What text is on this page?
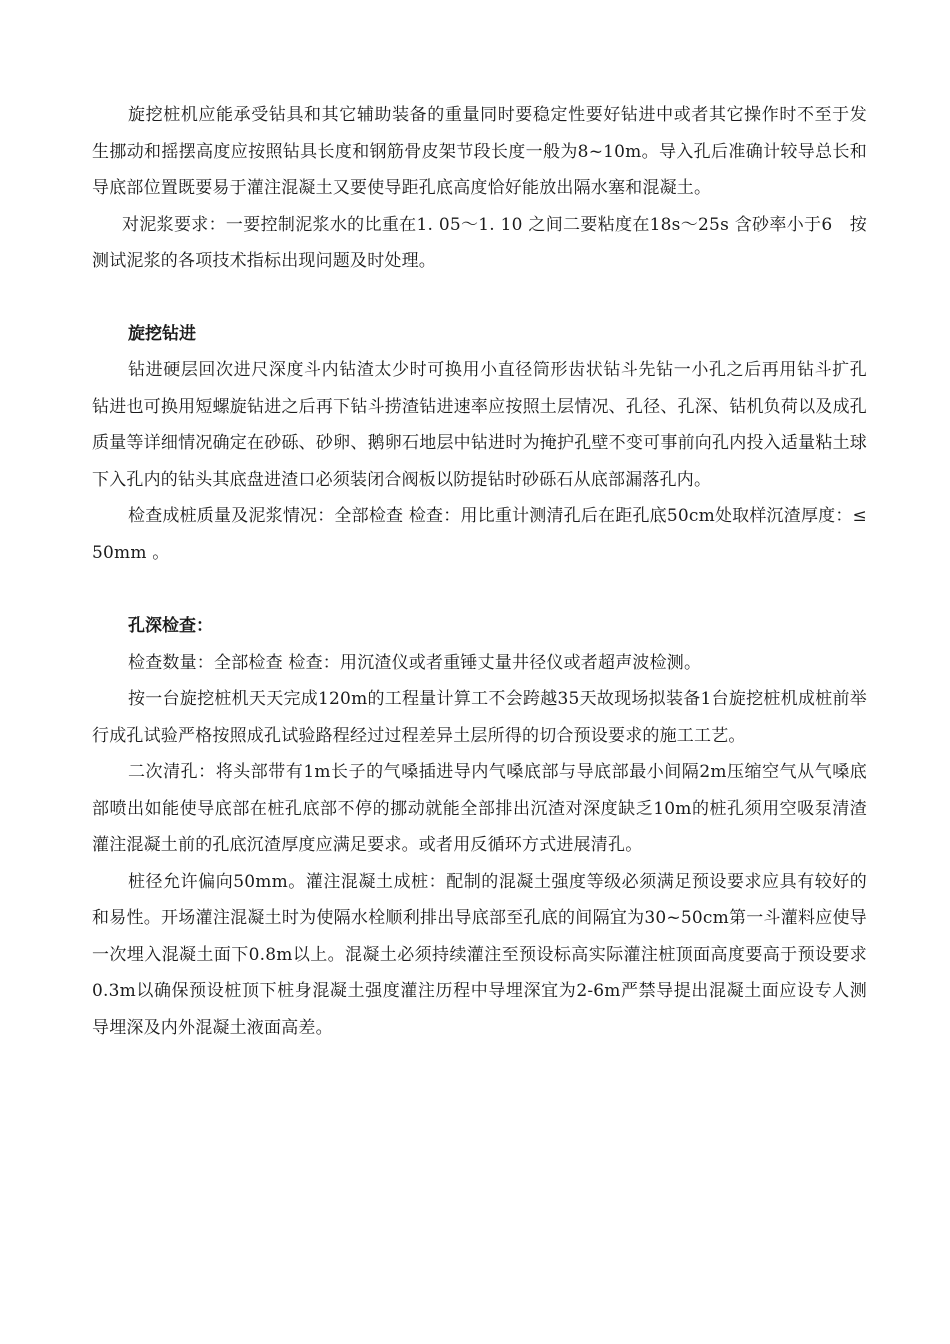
旋挖桩机应能承受钻具和其它辅助装备的重量同时要稳定性要好钻进中或者其它操作时不至于发生挪动和摇摆高度应按照钻具长度和钢筋骨皮架节段长度一般为8~10m。导入孔后准确计较导总长和导底部位置既要易于灌注混凝土又要使导距孔底高度恰好能放出隔水塞和混凝土。

对泥浆要求：一要控制泥浆水的比重在1. 05～1. 10 之间二要粘度在18s～25s 含砂率小于6　按测试泥浆的各项技术指标出现问题及时处理。

旋挖钻进

钻进硬层回次进尺深度斗内钻渣太少时可换用小直径筒形齿状钻斗先钻一小孔之后再用钻斗扩孔钻进也可换用短螺旋钻进之后再下钻斗捞渣钻进速率应按照土层情况、孔径、孔深、钻机负荷以及成孔质量等详细情况确定在砂砾、砂卵、鹅卵石地层中钻进时为掩护孔壁不变可事前向孔内投入适量粘土球下入孔内的钻头其底盘进渣口必须装闭合阀板以防提钻时砂砾石从底部漏落孔内。

检查成桩质量及泥浆情况：全部检查 检查：用比重计测清孔后在距孔底50cm处取样沉渣厚度：≤50mm 。

孔深检查：

检查数量：全部检查 检查：用沉渣仪或者重锤丈量井径仪或者超声波检测。

按一台旋挖桩机天天完成120m的工程量计算工不会跨越35天故现场拟装备1台旋挖桩机成桩前举行成孔试验严格按照成孔试验路程经过过程差异土层所得的切合预设要求的施工工艺。

二次清孔：将头部带有1m长子的气嗓插进导内气嗓底部与导底部最小间隔2m压缩空气从气嗓底部喷出如能使导底部在桩孔底部不停的挪动就能全部排出沉渣对深度缺乏10m的桩孔须用空吸泵清渣灌注混凝土前的孔底沉渣厚度应满足要求。或者用反循环方式进展清孔。

桩径允许偏向50mm。灌注混凝土成桩：配制的混凝土强度等级必须满足预设要求应具有较好的和易性。开场灌注混凝土时为使隔水栓顺利排出导底部至孔底的间隔宜为30~50cm第一斗灌料应使导一次埋入混凝土面下0.8m以上。混凝土必须持续灌注至预设标高实际灌注桩顶面高度要高于预设要求0.3m以确保预设桩顶下桩身混凝土强度灌注历程中导埋深宜为2-6m严禁导提出混凝土面应设专人测导埋深及内外混凝土液面高差。
